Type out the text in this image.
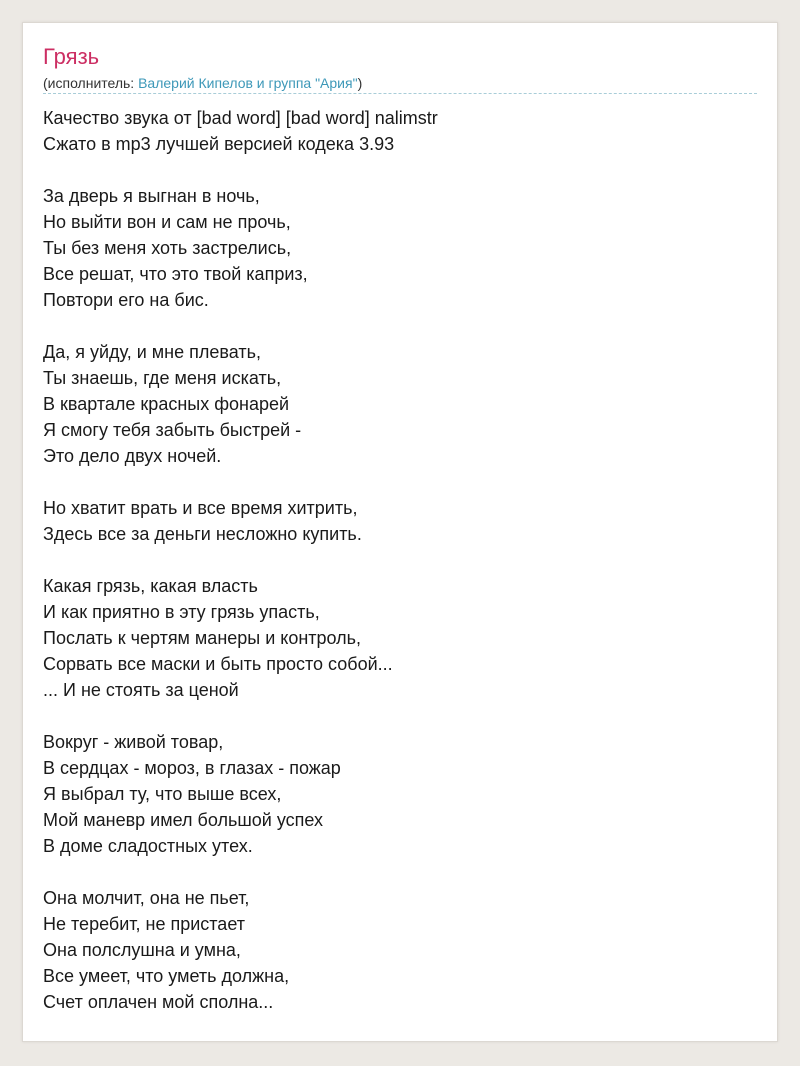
Грязь
(исполнитель: Валерий Кипелов и группа "Ария")
Качество звука от [bad word] [bad word] nalimstr
Сжато в mp3 лучшей версией кодека 3.93
За дверь я выгнан в ночь,
Но выйти вон и сам не прочь,
Ты без меня хоть застрелись,
Все решат, что это твой каприз,
Повтори его на бис.
Да, я уйду, и мне плевать,
Ты знаешь, где меня искать,
В квартале красных фонарей
Я смогу тебя забыть быстрей -
Это дело двух ночей.
Но хватит врать и все время хитрить,
Здесь все за деньги несложно купить.
Какая грязь, какая власть
И как приятно в эту грязь упасть,
Послать к чертям манеры и контроль,
Сорвать все маски и быть просто собой...
... И не стоять за ценой
Вокруг - живой товар,
В сердцах - мороз, в глазах - пожар
Я выбрал ту, что выше всех,
Мой маневр имел большой успех
В доме сладостных утех.
Она молчит, она не пьет,
Не теребит, не пристает
Она полслушна и умна,
Все умеет, что уметь должна,
Счет оплачен мой сполна...
